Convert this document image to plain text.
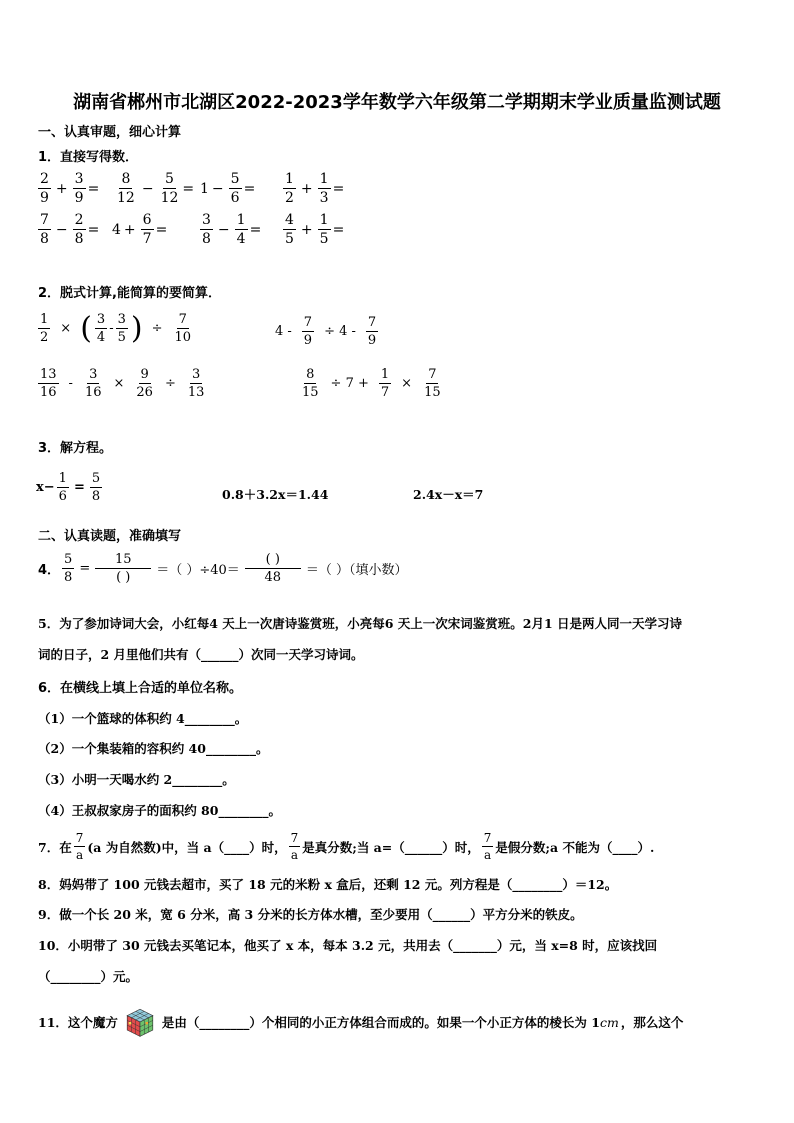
湖南省郴州市北湖区2022-2023学年数学六年级第二学期期末学业质量监测试题
一、认真审题，细心计算
1．直接写得数．
$\frac{2}{9} + \frac{3}{9} = \frac{8}{12} - \frac{5}{12} = 1 - \frac{5}{6} = \frac{1}{2} + \frac{1}{3}$ =
$\frac{7}{8} - \frac{2}{8} = 4 + \frac{6}{7} = \frac{3}{8} - \frac{1}{4} = \frac{4}{5} + \frac{1}{5}$ =
2．脱式计算,能简算的要简算．
$\frac{1}{2}$ × ( $\frac{3}{4} - \frac{3}{5}$ ) ÷ $\frac{7}{10}$	$4 - \frac{7}{9} \div 4 - \frac{7}{9}$
$\frac{13}{16} - \frac{3}{16} \times \frac{9}{26} \div \frac{3}{13}$	$\frac{8}{15} \div 7 + \frac{1}{7} \times \frac{7}{15}$
3．解方程。
$x- \frac{1}{6} = \frac{5}{8}$	0.8＋3.2x＝1.44	2.4x－x＝7
二、认真读题，准确填写
4． $\frac{5}{8} = \frac{15}{( )}$ ＝（ ）$\div 40= \frac{( )}{48}$ ＝（ ）（填小数）
5．为了参加诗词大会，小红每4 天上一次唐诗鉴赏班，小亮每6 天上一次宋词鉴赏班。2月1 日是两人同一天学习诗
词的日子，2 月里他们共有（______）次同一天学习诗词。
6．在横线上填上合适的单位名称。
（1）一个篮球的体积约 4________。
（2）一个集装箱的容积约 40________。
（3）小明一天喝水约 2________。
（4）王叔叔家房子的面积约 80________。
7．在 $\frac{7}{a} (a$ 为自然数)中，当 a（____）时， $\frac{7}{a}$ 是真分数;当 a=（______）时， $\frac{7}{a}$ 是假分数;a 不能为（____）.
8．妈妈带了 100 元钱去超市，买了 18 元的米粉 x 盒后，还剩 12 元。列方程是（________）＝12。
9．做一个长 20 米，宽 6 分米，高 3 分米的长方体水槽，至少要用（______）平方分米的铁皮。
10．小明带了 30 元钱去买笔记本，他买了 x 本，每本 3.2 元，共用去（_______）元，当 x=8 时，应该找回
（________）元。
11．这个魔方	是由（________）个相同的小正方体组合而成的。如果一个小正方体的棱长为 1 cm ，那么这个
